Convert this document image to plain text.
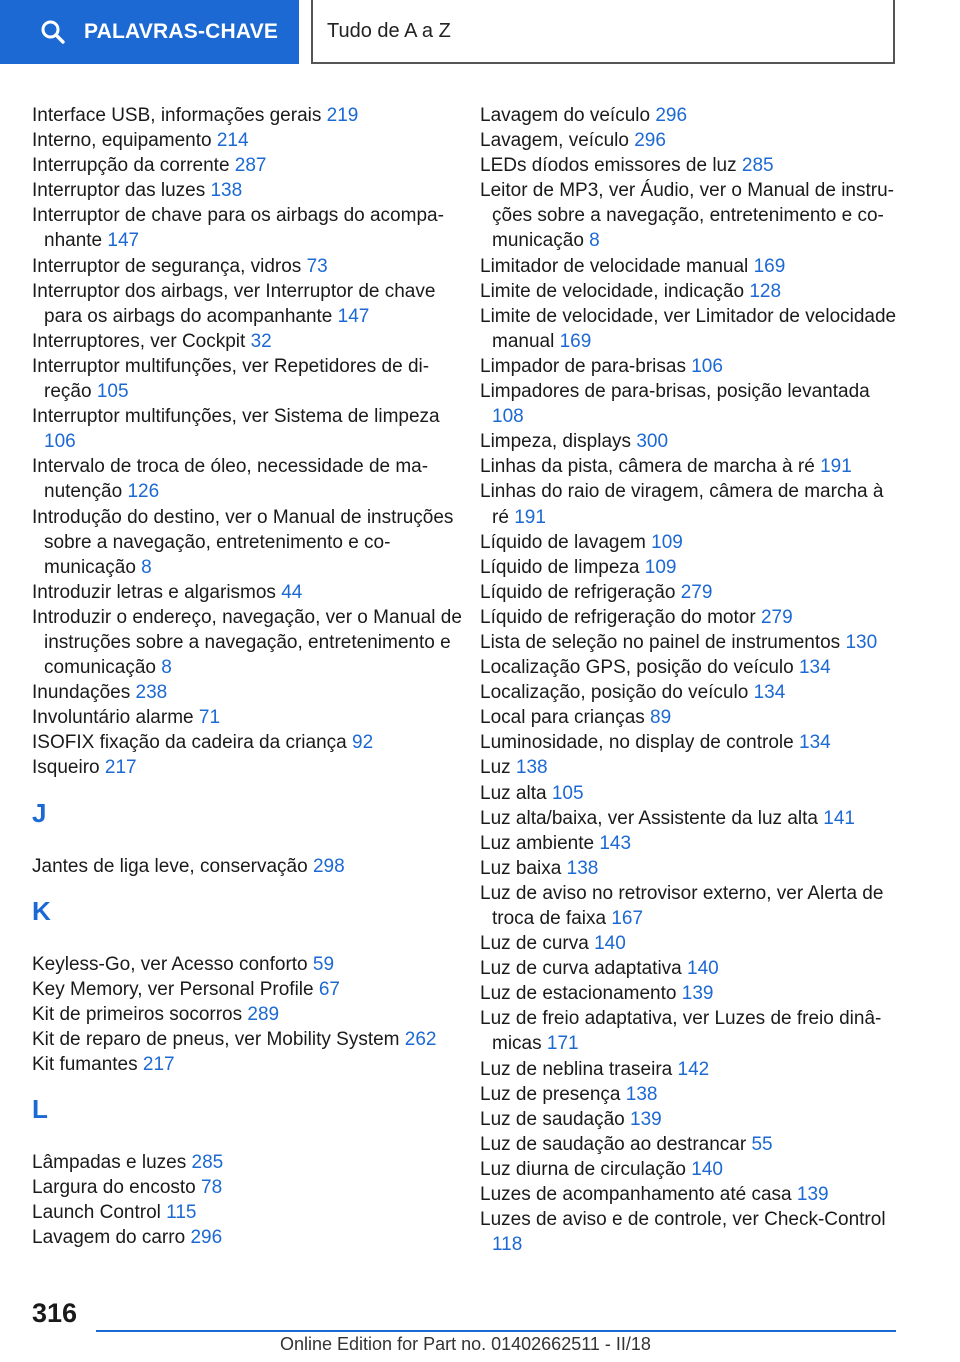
PALAVRAS-CHAVE Tudo de A a Z
Interface USB, informações gerais 219
Interno, equipamento 214
Interrupção da corrente 287
Interruptor das luzes 138
Interruptor de chave para os airbags do acompanhante 147
Interruptor de segurança, vidros 73
Interruptor dos airbags, ver Interruptor de chave para os airbags do acompanhante 147
Interruptores, ver Cockpit 32
Interruptor multifunções, ver Repetidores de direção 105
Interruptor multifunções, ver Sistema de limpeza 106
Intervalo de troca de óleo, necessidade de manutenção 126
Introdução do destino, ver o Manual de instruções sobre a navegação, entretenimento e comunicação 8
Introduzir letras e algarismos 44
Introduzir o endereço, navegação, ver o Manual de instruções sobre a navegação, entretenimento e comunicação 8
Inundações 238
Involuntário alarme 71
ISOFIX fixação da cadeira da criança 92
Isqueiro 217
J
Jantes de liga leve, conservação 298
K
Keyless-Go, ver Acesso conforto 59
Key Memory, ver Personal Profile 67
Kit de primeiros socorros 289
Kit de reparo de pneus, ver Mobility System 262
Kit fumantes 217
L
Lâmpadas e luzes 285
Largura do encosto 78
Launch Control 115
Lavagem do carro 296
Lavagem do veículo 296
Lavagem, veículo 296
LEDs díodos emissores de luz 285
Leitor de MP3, ver Áudio, ver o Manual de instruções sobre a navegação, entretenimento e comunicação 8
Limitador de velocidade manual 169
Limite de velocidade, indicação 128
Limite de velocidade, ver Limitador de velocidade manual 169
Limpador de para-brisas 106
Limpadores de para-brisas, posição levantada 108
Limpeza, displays 300
Linhas da pista, câmera de marcha à ré 191
Linhas do raio de viragem, câmera de marcha à ré 191
Líquido de lavagem 109
Líquido de limpeza 109
Líquido de refrigeração 279
Líquido de refrigeração do motor 279
Lista de seleção no painel de instrumentos 130
Localização GPS, posição do veículo 134
Localização, posição do veículo 134
Local para crianças 89
Luminosidade, no display de controle 134
Luz 138
Luz alta 105
Luz alta/baixa, ver Assistente da luz alta 141
Luz ambiente 143
Luz baixa 138
Luz de aviso no retrovisor externo, ver Alerta de troca de faixa 167
Luz de curva 140
Luz de curva adaptativa 140
Luz de estacionamento 139
Luz de freio adaptativa, ver Luzes de freio dinâmicas 171
Luz de neblina traseira 142
Luz de presença 138
Luz de saudação 139
Luz de saudação ao destrancar 55
Luz diurna de circulação 140
Luzes de acompanhamento até casa 139
Luzes de aviso e de controle, ver Check-Control 118
316
Online Edition for Part no. 01402662511 - II/18
